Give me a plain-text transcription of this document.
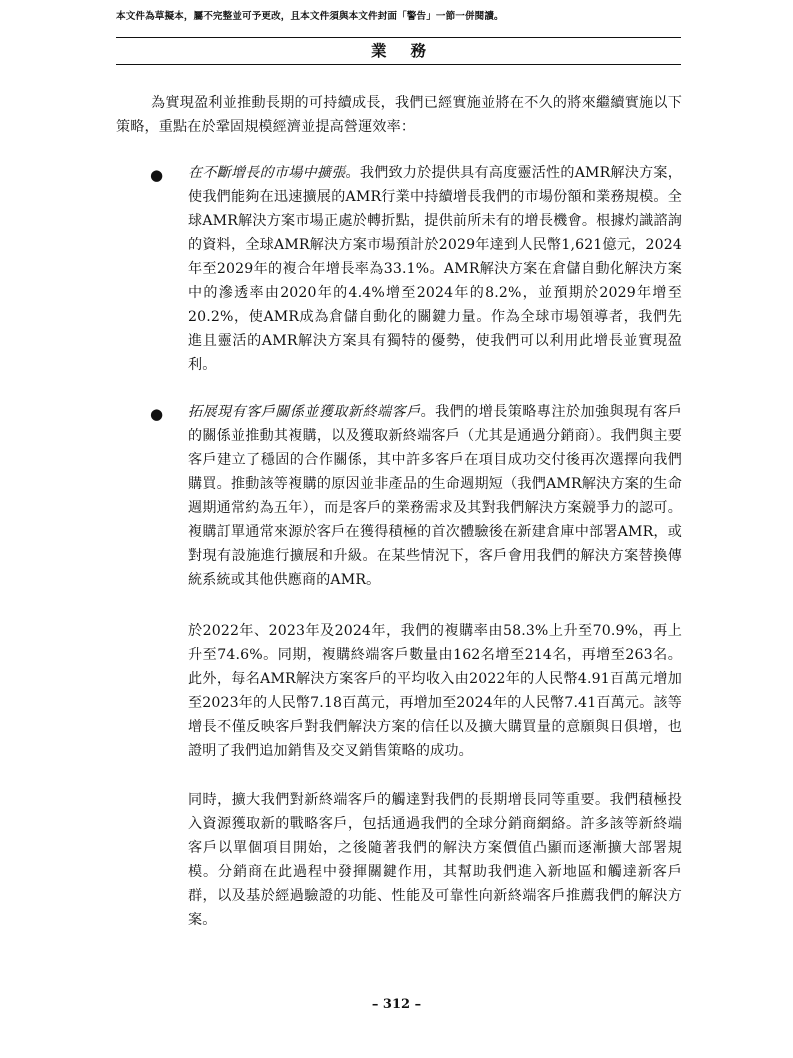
本文件為草擬本，屬不完整並可予更改，且本文件須與本文件封面「警告」一節一併閱讀。
業務
為實現盈利並推動長期的可持續成長，我們已經實施並將在不久的將來繼續實施以下策略，重點在於鞏固規模經濟並提高營運效率：
● 在不斷增長的市場中擴張。我們致力於提供具有高度靈活性的AMR解決方案，使我們能夠在迅速擴展的AMR行業中持續增長我們的市場份額和業務規模。全球AMR解決方案市場正處於轉折點，提供前所未有的增長機會。根據灼識諮詢的資料，全球AMR解決方案市場預計於2029年達到人民幣1,621億元，2024年至2029年的複合年增長率為33.1%。AMR解決方案在倉儲自動化解決方案中的滲透率由2020年的4.4%增至2024年的8.2%，並預期於2029年增至20.2%，使AMR成為倉儲自動化的關鍵力量。作為全球市場領導者，我們先進且靈活的AMR解決方案具有獨特的優勢，使我們可以利用此增長並實現盈利。
● 拓展現有客戶關係並獲取新終端客戶。我們的增長策略專注於加強與現有客戶的關係並推動其複購，以及獲取新終端客戶（尤其是通過分銷商）。我們與主要客戶建立了穩固的合作關係，其中許多客戶在項目成功交付後再次選擇向我們購買。推動該等複購的原因並非產品的生命週期短（我們AMR解決方案的生命週期通常約為五年），而是客戶的業務需求及其對我們解決方案競爭力的認可。複購訂單通常來源於客戶在獲得積極的首次體驗後在新建倉庫中部署AMR，或對現有設施進行擴展和升級。在某些情況下，客戶會用我們的解決方案替換傳統系統或其他供應商的AMR。
於2022年、2023年及2024年，我們的複購率由58.3%上升至70.9%，再上升至74.6%。同期，複購終端客戶數量由162名增至214名，再增至263名。此外，每名AMR解決方案客戶的平均收入由2022年的人民幣4.91百萬元增加至2023年的人民幣7.18百萬元，再增加至2024年的人民幣7.41百萬元。該等增長不僅反映客戶對我們解決方案的信任以及擴大購買量的意願與日俱增，也證明了我們追加銷售及交叉銷售策略的成功。
同時，擴大我們對新終端客戶的觸達對我們的長期增長同等重要。我們積極投入資源獲取新的戰略客戶，包括通過我們的全球分銷商網絡。許多該等新終端客戶以單個項目開始，之後隨著我們的解決方案價值凸顯而逐漸擴大部署規模。分銷商在此過程中發揮關鍵作用，其幫助我們進入新地區和觸達新客戶群，以及基於經過驗證的功能、性能及可靠性向新終端客戶推薦我們的解決方案。
– 312 –
